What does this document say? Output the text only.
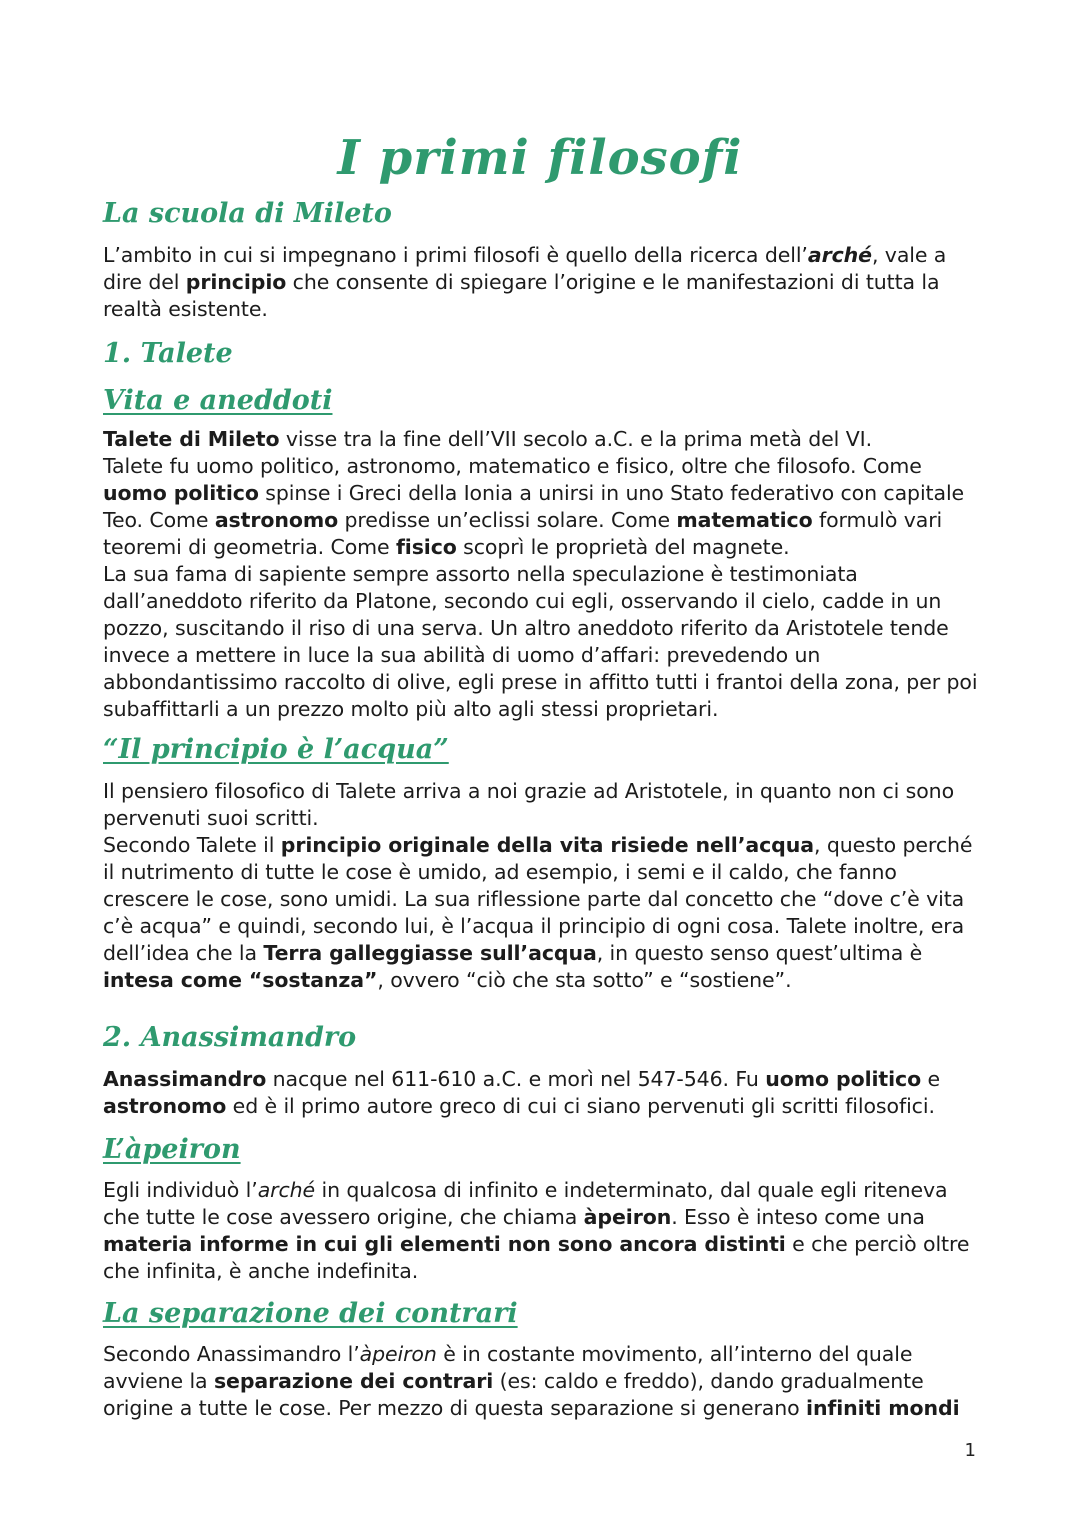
I primi filosofi
La scuola di Mileto

L’ambito in cui si impegnano i primi filosofi è quello della ricerca dell’arché, vale a dire del principio che consente di spiegare l’origine e le manifestazioni di tutta la realtà esistente.

1. Talete
Vita e aneddoti

Talete di Mileto visse tra la fine dell’VII secolo a.C. e la prima metà del VI.
Talete fu uomo politico, astronomo, matematico e fisico, oltre che filosofo. Come uomo politico spinse i Greci della Ionia a unirsi in uno Stato federativo con capitale Teo. Come astronomo predisse un’eclissi solare. Come matematico formulò vari teoremi di geometria. Come fisico scoprì le proprietà del magnete.
La sua fama di sapiente sempre assorto nella speculazione è testimoniata dall’aneddoto riferito da Platone, secondo cui egli, osservando il cielo, cadde in un pozzo, suscitando il riso di una serva. Un altro aneddoto riferito da Aristotele tende invece a mettere in luce la sua abilità di uomo d’affari: prevedendo un abbondantissimo raccolto di olive, egli prese in affitto tutti i frantoi della zona, per poi subaffittarli a un prezzo molto più alto agli stessi proprietari.

“Il principio è l’acqua”

Il pensiero filosofico di Talete arriva a noi grazie ad Aristotele, in quanto non ci sono pervenuti suoi scritti.
Secondo Talete il principio originale della vita risiede nell’acqua, questo perché il nutrimento di tutte le cose è umido, ad esempio, i semi e il caldo, che fanno crescere le cose, sono umidi. La sua riflessione parte dal concetto che “dove c’è vita c’è acqua” e quindi, secondo lui, è l’acqua il principio di ogni cosa. Talete inoltre, era dell’idea che la Terra galleggiasse sull’acqua, in questo senso quest’ultima è intesa come “sostanza”, ovvero “ciò che sta sotto” e “sostiene”.

2. Anassimandro

Anassimandro nacque nel 611-610 a.C. e morì nel 547-546. Fu uomo politico e astronomo ed è il primo autore greco di cui ci siano pervenuti gli scritti filosofici.

L’àpeiron

Egli individuò l’arché in qualcosa di infinito e indeterminato, dal quale egli riteneva che tutte le cose avessero origine, che chiama àpeiron. Esso è inteso come una materia informe in cui gli elementi non sono ancora distinti e che perciò oltre che infinita, è anche indefinita.

La separazione dei contrari

Secondo Anassimandro l’àpeiron è in costante movimento, all’interno del quale avviene la separazione dei contrari (es: caldo e freddo), dando gradualmente origine a tutte le cose. Per mezzo di questa separazione si generano infiniti mondi

1
